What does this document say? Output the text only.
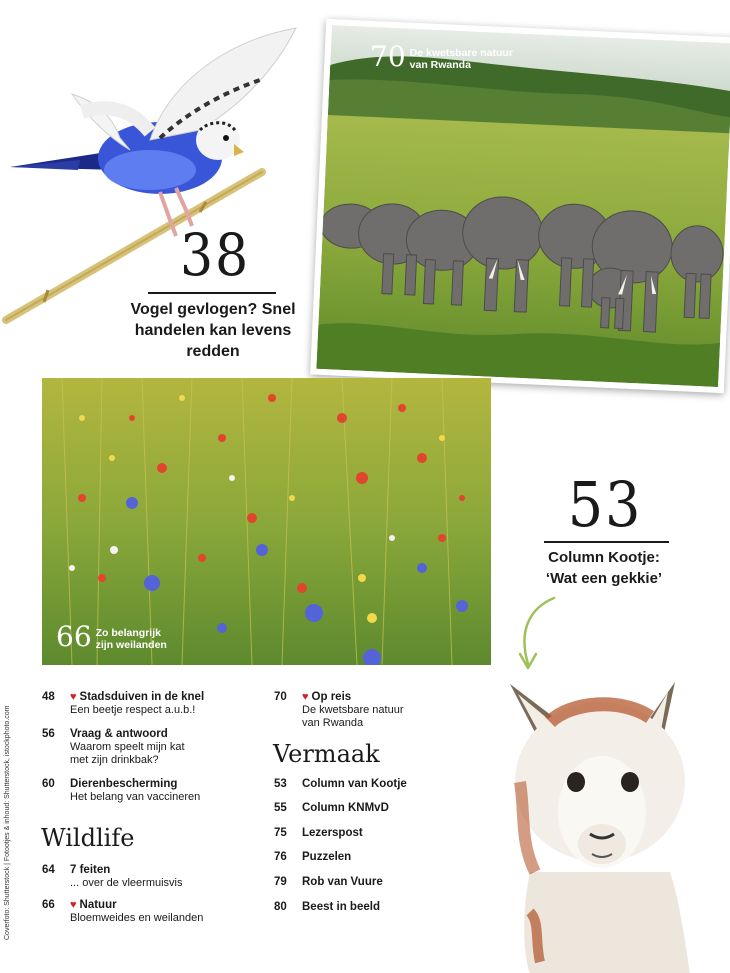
38
Vogel gevlogen? Snel handelen kan levens redden
70 De kwetsbare natuur
van Rwanda
66 Zo belangrijk
zijn weilanden
53
Column Kootje: ‘Wat een gekkie’
48 ♥ Stadsduiven in de knel
Een beetje respect a.u.b.!
56 Vraag & antwoord
Waarom speelt mijn kat
met zijn drinkbak?
60 Dierenbescherming
Het belang van vaccineren
Wildlife
64 7 feiten
... over de vleermuisvis
66 ♥ Natuur
Bloemweides en weilanden
70 ♥ Op reis
De kwetsbare natuur
van Rwanda
Vermaak
53 Column van Kootje
55 Column KNMvD
75 Lezerspost
76 Puzzelen
79 Rob van Vuure
80 Beest in beeld
Coverfoto: Shutterstock | Fotootjes & inhoud: Shutterstock, istockphoto.com
